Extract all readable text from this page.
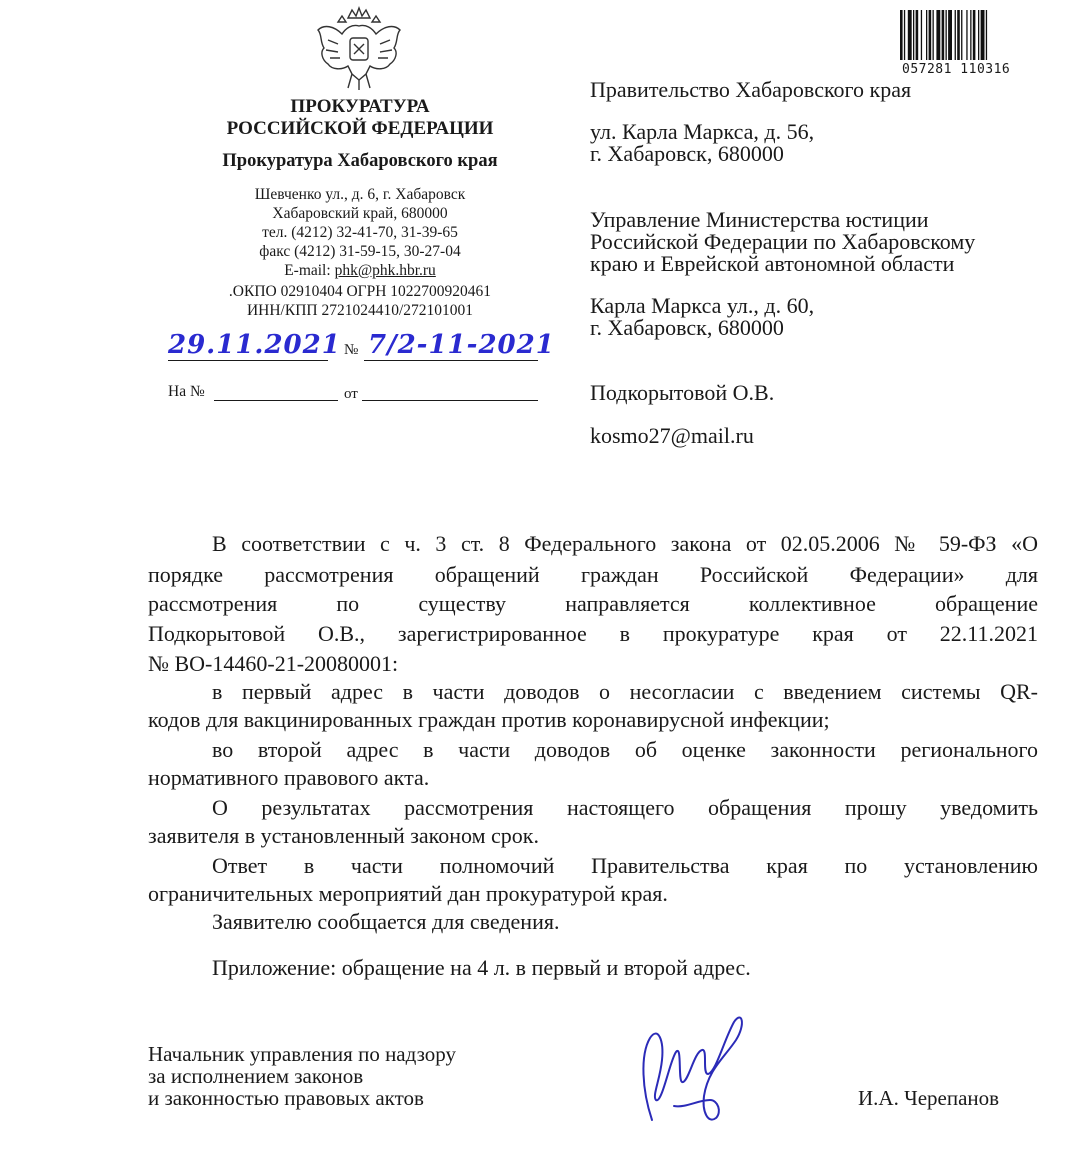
ПРОКУРАТУРА
РОССИЙСКОЙ ФЕДЕРАЦИИ
Прокуратура Хабаровского края
Шевченко ул., д. 6, г. Хабаровск
Хабаровский край, 680000
тел. (4212) 32-41-70, 31-39-65
факс (4212) 31-59-15, 30-27-04
E-mail: phk@phk.hbr.ru
.ОКПО 02910404 ОГРН 1022700920461
ИНН/КПП 2721024410/272101001
29.11.2021 № 7/2-11-2021
На №	от
057281 110316
Правительство Хабаровского края
ул. Карла Маркса, д. 56,
г. Хабаровск, 680000
Управление Министерства юстиции
Российской Федерации по Хабаровскому
краю и Еврейской автономной области
Карла Маркса ул., д. 60,
г. Хабаровск, 680000
Подкорытовой О.В.
kosmo27@mail.ru
В соответствии с ч. 3 ст. 8 Федерального закона от 02.05.2006 № 59-ФЗ «О
порядке рассмотрения обращений граждан Российской Федерации» для
рассмотрения по существу направляется коллективное обращение
Подкорытовой О.В., зарегистрированное в прокуратуре края от 22.11.2021
№ ВО-14460-21-20080001:
в первый адрес в части доводов о несогласии с введением системы QR-
кодов для вакцинированных граждан против коронавирусной инфекции;
во второй адрес в части доводов об оценке законности регионального
нормативного правового акта.
О результатах рассмотрения настоящего обращения прошу уведомить
заявителя в установленный законом срок.
Ответ в части полномочий Правительства края по установлению
ограничительных мероприятий дан прокуратурой края.
Заявителю сообщается для сведения.
Приложение: обращение на 4 л. в первый и второй адрес.
Начальник управления по надзору
за исполнением законов
и законностью правовых актов	И.А. Черепанов
